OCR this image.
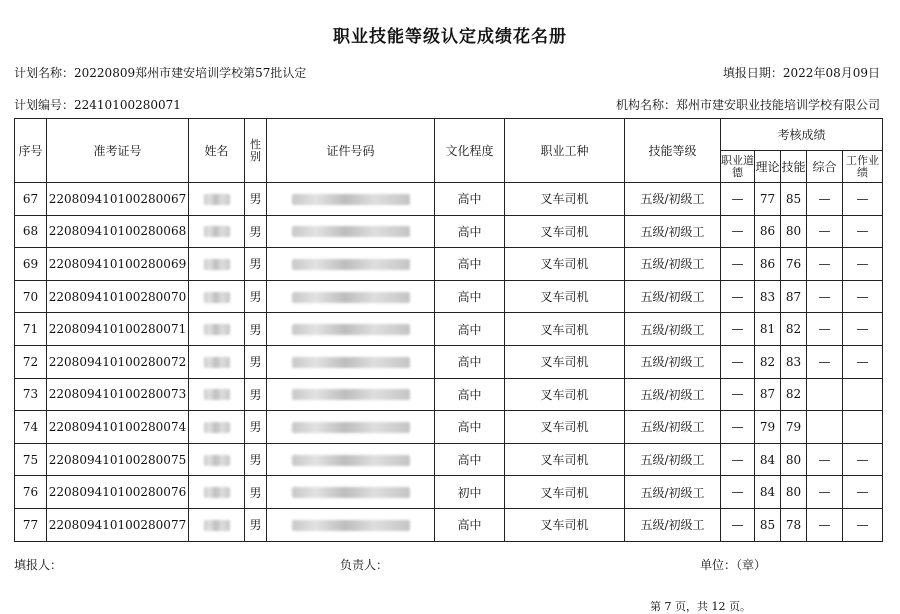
职业技能等级认定成绩花名册
计划名称：20220809郑州市建安培训学校第57批认定	填报日期：2022年08月09日
计划编号：22410100280071	机构名称：郑州市建安职业技能培训学校有限公司
序号	准考证号	姓名	性别	证件号码	文化程度	职业工种	技能等级	考核成绩				
								职业道德	理论	技能	综合	工作业绩
67	220809410100280067		男		高中	叉车司机	五级/初级工	—	77	85	—	—
68	220809410100280068		男		高中	叉车司机	五级/初级工	—	86	80	—	—
69	220809410100280069		男		高中	叉车司机	五级/初级工	—	86	76	—	—
70	220809410100280070		男		高中	叉车司机	五级/初级工	—	83	87	—	—
71	220809410100280071		男		高中	叉车司机	五级/初级工	—	81	82	—	—
72	220809410100280072		男		高中	叉车司机	五级/初级工	—	82	83	—	—
73	220809410100280073		男		高中	叉车司机	五级/初级工	—	87	82		
74	220809410100280074		男		高中	叉车司机	五级/初级工	—	79	79		
75	220809410100280075		男		高中	叉车司机	五级/初级工	—	84	80	—	—
76	220809410100280076		男		初中	叉车司机	五级/初级工	—	84	80	—	—
77	220809410100280077		男		高中	叉车司机	五级/初级工	—	85	78	—	—
填报人：	负责人：	单位：（章）
第 7 页，共 12 页。
